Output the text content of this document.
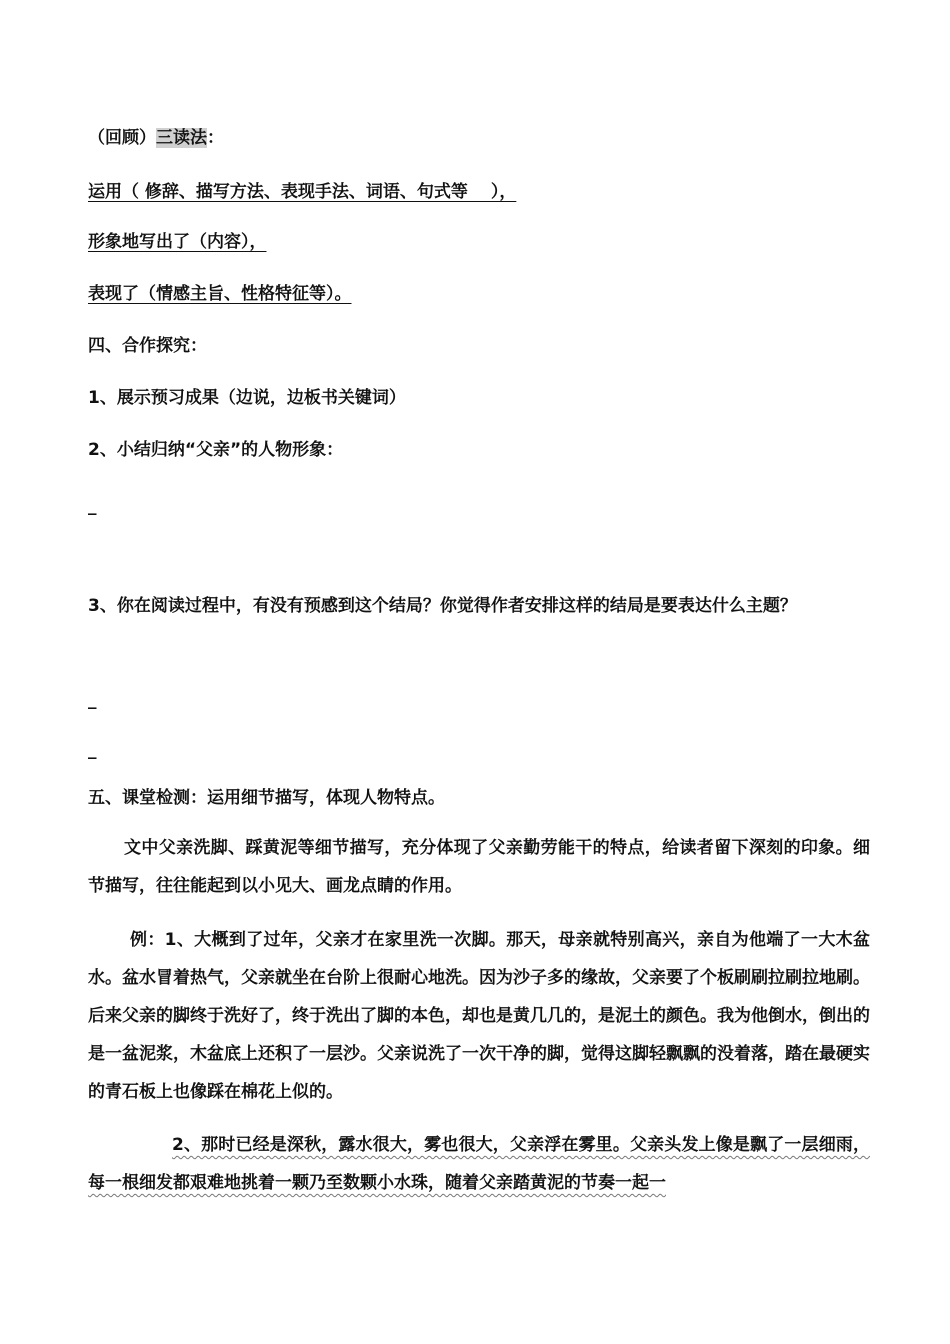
（回顾）三读法：
运用（ 修辞、描写方法、表现手法、词语、句式等　 ），
形象地写出了（内容），
表现了（情感主旨、性格特征等）。
四、合作探究：
1、展示预习成果（边说，边板书关键词）
2、小结归纳“父亲”的人物形象：
_
3、你在阅读过程中，有没有预感到这个结局？你觉得作者安排这样的结局是要表达什么主题？
_
_
五、课堂检测：运用细节描写，体现人物特点。
文中父亲洗脚、踩黄泥等细节描写，充分体现了父亲勤劳能干的特点，给读者留下深刻的印象。细节描写，往往能起到以小见大、画龙点睛的作用。
例：1、大概到了过年，父亲才在家里洗一次脚。那天，母亲就特别高兴，亲自为他端了一大木盆水。盆水冒着热气，父亲就坐在台阶上很耐心地洗。因为沙子多的缘故，父亲要了个板刷刷拉刷拉地刷。后来父亲的脚终于洗好了，终于洗出了脚的本色，却也是黄几几的，是泥土的颜色。我为他倒水，倒出的是一盆泥浆，木盆底上还积了一层沙。父亲说洗了一次干净的脚，觉得这脚轻飘飘的没着落，踏在最硬实的青石板上也像踩在棉花上似的。
2、那时已经是深秋，露水很大，雾也很大，父亲浮在雾里。父亲头发上像是飘了一层细雨，每一根细发都艰难地挑着一颗乃至数颗小水珠，随着父亲踏黄泥的节奏一起一
